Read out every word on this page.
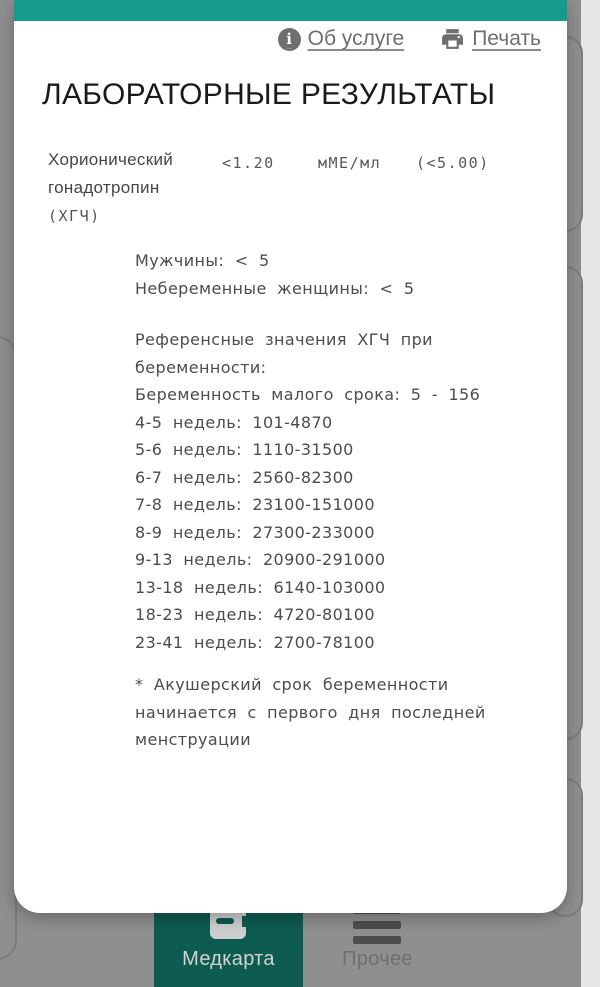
Медкарта	Прочее
i Об услуге	Печать
ЛАБОРАТОРНЫЕ РЕЗУЛЬТАТЫ
Хорионический
гонадотропин
(ХГЧ)
<1.20	мМЕ/мл	(<5.00)
Мужчины: < 5
Небеременные женщины: < 5
Референсные значения ХГЧ при
беременности:
Беременность малого срока: 5 - 156
4-5 недель: 101-4870
5-6 недель: 1110-31500
6-7 недель: 2560-82300
7-8 недель: 23100-151000
8-9 недель: 27300-233000
9-13 недель: 20900-291000
13-18 недель: 6140-103000
18-23 недель: 4720-80100
23-41 недель: 2700-78100
* Акушерский срок беременности
начинается с первого дня последней
менструации
